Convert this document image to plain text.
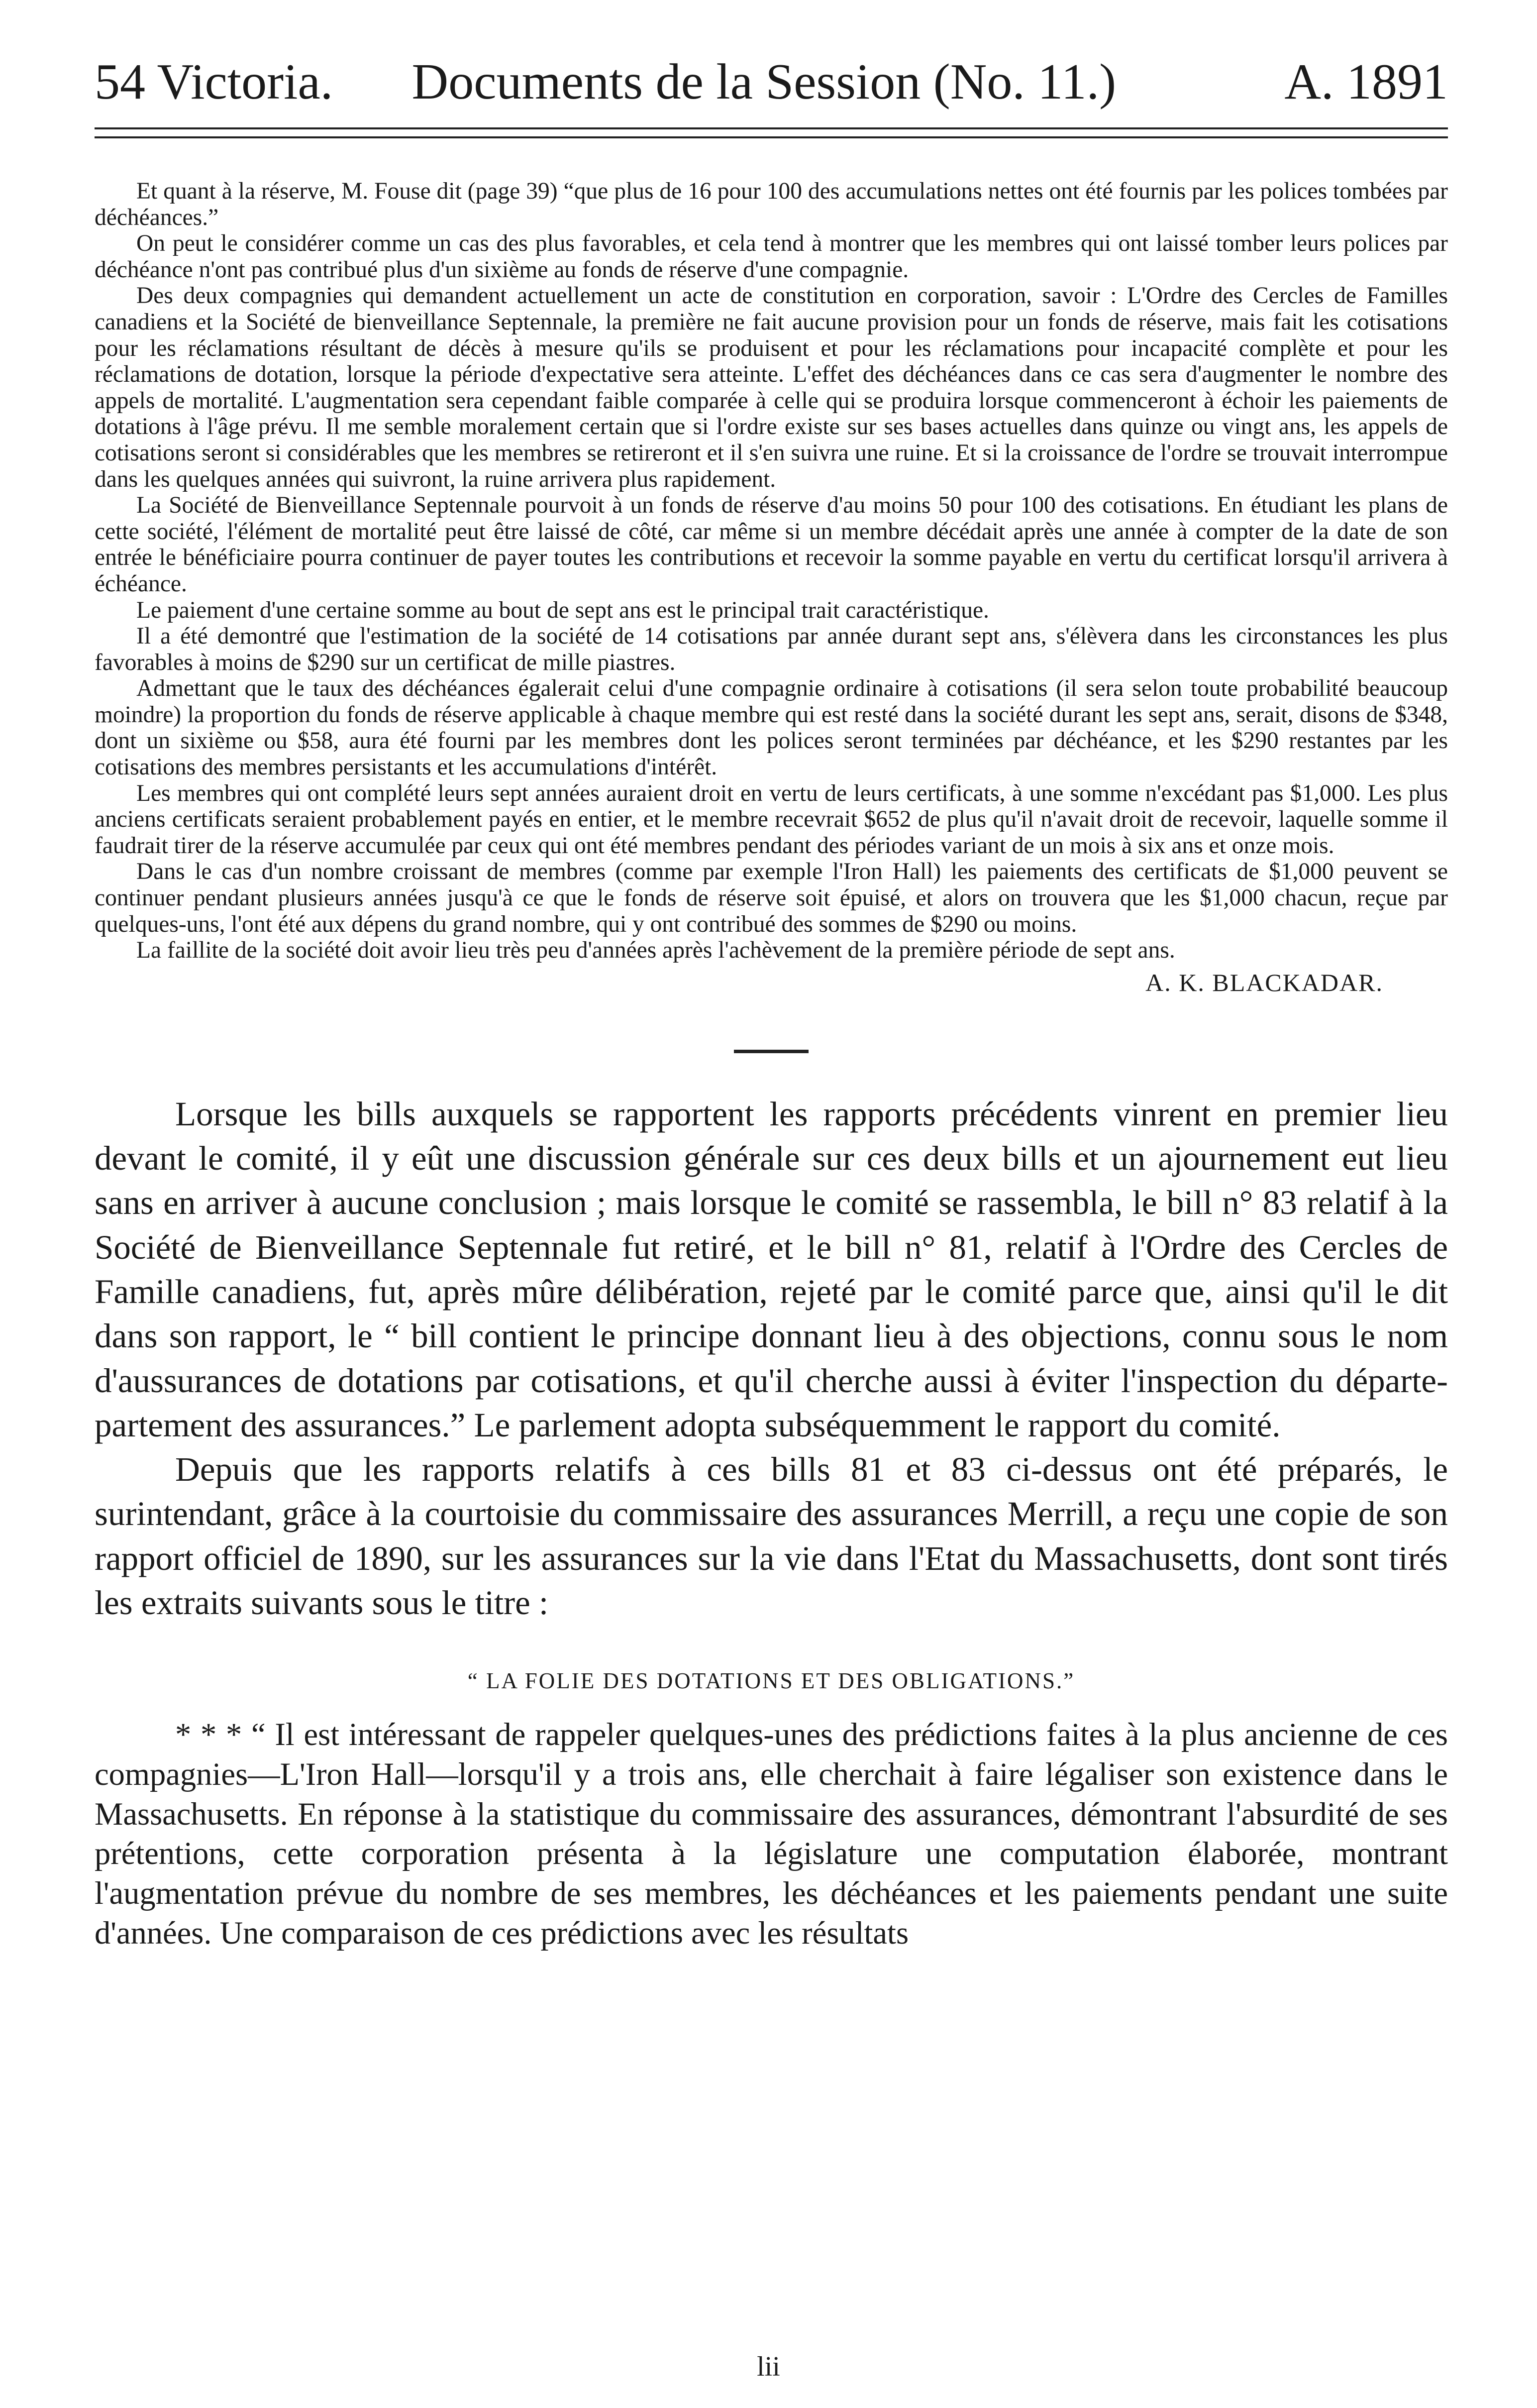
54 Victoria.	Documents de la Session (No. 11.)	A. 1891

Et quant à la réserve, M. Fouse dit (page 39) “que plus de 16 pour 100 des accumulations nettes ont été fournis par les polices tombées par déchéances.”

On peut le considérer comme un cas des plus favorables, et cela tend à montrer que les membres qui ont laissé tomber leurs polices par déchéance n'ont pas contribué plus d'un sixième au fonds de réserve d'une compagnie.

Des deux compagnies qui demandent actuellement un acte de constitution en corporation, savoir : L'Ordre des Cercles de Familles canadiens et la Société de bienveillance Septennale, la première ne fait aucune provision pour un fonds de réserve, mais fait les cotisations pour les réclamations résultant de décès à mesure qu'ils se produisent et pour les réclamations pour incapacité complète et pour les réclamations de dotation, lorsque la période d'expectative sera atteinte. L'effet des déchéances dans ce cas sera d'augmenter le nombre des appels de mortalité. L'augmentation sera cependant faible comparée à celle qui se produira lorsque commenceront à échoir les paiements de dotations à l'âge prévu. Il me semble moralement certain que si l'ordre existe sur ses bases actuelles dans quinze ou vingt ans, les appels de cotisations seront si considérables que les membres se retireront et il s'en suivra une ruine. Et si la croissance de l'ordre se trouvait interrompue dans les quelques années qui suivront, la ruine arrivera plus rapidement.

La Société de Bienveillance Septennale pourvoit à un fonds de réserve d'au moins 50 pour 100 des cotisations. En étudiant les plans de cette société, l'élément de mortalité peut être laissé de côté, car même si un membre décédait après une année à compter de la date de son entrée le bénéficiaire pourra continuer de payer toutes les contributions et recevoir la somme payable en vertu du certificat lorsqu'il arrivera à échéance.

Le paiement d'une certaine somme au bout de sept ans est le principal trait caractéristique.

Il a été demontré que l'estimation de la société de 14 cotisations par année durant sept ans, s'élèvera dans les circonstances les plus favorables à moins de $290 sur un certificat de mille piastres.

Admettant que le taux des déchéances égalerait celui d'une compagnie ordinaire à cotisations (il sera selon toute probabilité beaucoup moindre) la proportion du fonds de réserve applicable à chaque membre qui est resté dans la société durant les sept ans, serait, disons de $348, dont un sixième ou $58, aura été fourni par les membres dont les polices seront terminées par déchéance, et les $290 restantes par les cotisations des membres persistants et les accumulations d'intérêt.

Les membres qui ont complété leurs sept années auraient droit en vertu de leurs certificats, à une somme n'excédant pas $1,000. Les plus anciens certificats seraient probablement payés en entier, et le membre recevrait $652 de plus qu'il n'avait droit de recevoir, laquelle somme il faudrait tirer de la réserve accumulée par ceux qui ont été membres pendant des périodes variant de un mois à six ans et onze mois.

Dans le cas d'un nombre croissant de membres (comme par exemple l'Iron Hall) les paiements des certificats de $1,000 peuvent se continuer pendant plusieurs années jusqu'à ce que le fonds de réserve soit épuisé, et alors on trouvera que les $1,000 chacun, reçue par quelques-uns, l'ont été aux dépens du grand nombre, qui y ont contribué des sommes de $290 ou moins.

La faillite de la société doit avoir lieu très peu d'années après l'achèvement de la première période de sept ans.

A. K. BLACKADAR.

Lorsque les bills auxquels se rapportent les rapports précédents vinrent en premier lieu devant le comité, il y eût une discussion générale sur ces deux bills et un ajournement eut lieu sans en arriver à aucune conclusion ; mais lorsque le comité se rassembla, le bill n° 83 relatif à la Société de Bienveillance Septennale fut retiré, et le bill n° 81, relatif à l'Ordre des Cercles de Famille canadiens, fut, après mûre délibération, rejeté par le comité parce que, ainsi qu'il le dit dans son rapport, le “ bill contient le principe donnant lieu à des objections, connu sous le nom d'aussurances de dotations par cotisations, et qu'il cherche aussi à éviter l'inspection du départe-partement des assurances.” Le parlement adopta subséquemment le rapport du comité.

Depuis que les rapports relatifs à ces bills 81 et 83 ci-dessus ont été préparés, le surintendant, grâce à la courtoisie du commissaire des assurances Merrill, a reçu une copie de son rapport officiel de 1890, sur les assurances sur la vie dans l'Etat du Massachusetts, dont sont tirés les extraits suivants sous le titre :

“ LA FOLIE DES DOTATIONS ET DES OBLIGATIONS.”

* * * “ Il est intéressant de rappeler quelques-unes des prédictions faites à la plus ancienne de ces compagnies—L'Iron Hall—lorsqu'il y a trois ans, elle cherchait à faire légaliser son existence dans le Massachusetts. En réponse à la statistique du commissaire des assurances, démontrant l'absurdité de ses prétentions, cette corporation présenta à la législature une computation élaborée, montrant l'augmentation prévue du nombre de ses membres, les déchéances et les paiements pendant une suite d'années. Une comparaison de ces prédictions avec les résultats

lii
